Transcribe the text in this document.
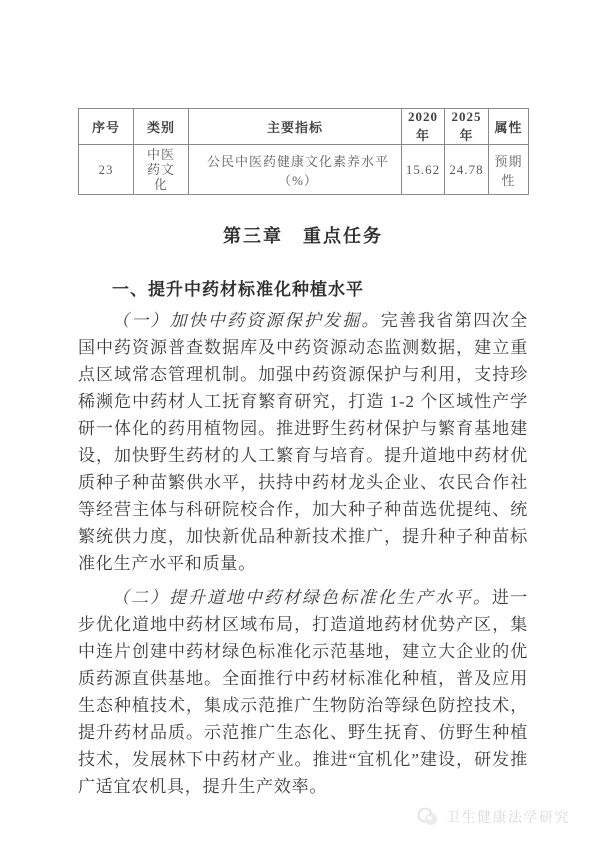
序号	类别	主要指标	2020 年	2025 年	属性
23	中医药文化	公民中医药健康文化素养水平（%）	15.62	24.78	预期性
第三章　重点任务
一、提升中药材标准化种植水平

（一）加快中药资源保护发掘。完善我省第四次全国中药资源普查数据库及中药资源动态监测数据，建立重点区域常态管理机制。加强中药资源保护与利用，支持珍稀濒危中药材人工抚育繁育研究，打造 1-2 个区域性产学研一体化的药用植物园。推进野生药材保护与繁育基地建设，加快野生药材的人工繁育与培育。提升道地中药材优质种子种苗繁供水平，扶持中药材龙头企业、农民合作社等经营主体与科研院校合作，加大种子种苗选优提纯、统繁统供力度，加快新优品种新技术推广，提升种子种苗标准化生产水平和质量。

（二）提升道地中药材绿色标准化生产水平。进一步优化道地中药材区域布局，打造道地药材优势产区，集中连片创建中药材绿色标准化示范基地，建立大企业的优质药源直供基地。全面推行中药材标准化种植，普及应用生态种植技术，集成示范推广生物防治等绿色防控技术，提升药材品质。示范推广生态化、野生抚育、仿野生种植技术，发展林下中药材产业。推进“宜机化”建设，研发推广适宜农机具，提升生产效率。

卫生健康法学研究
